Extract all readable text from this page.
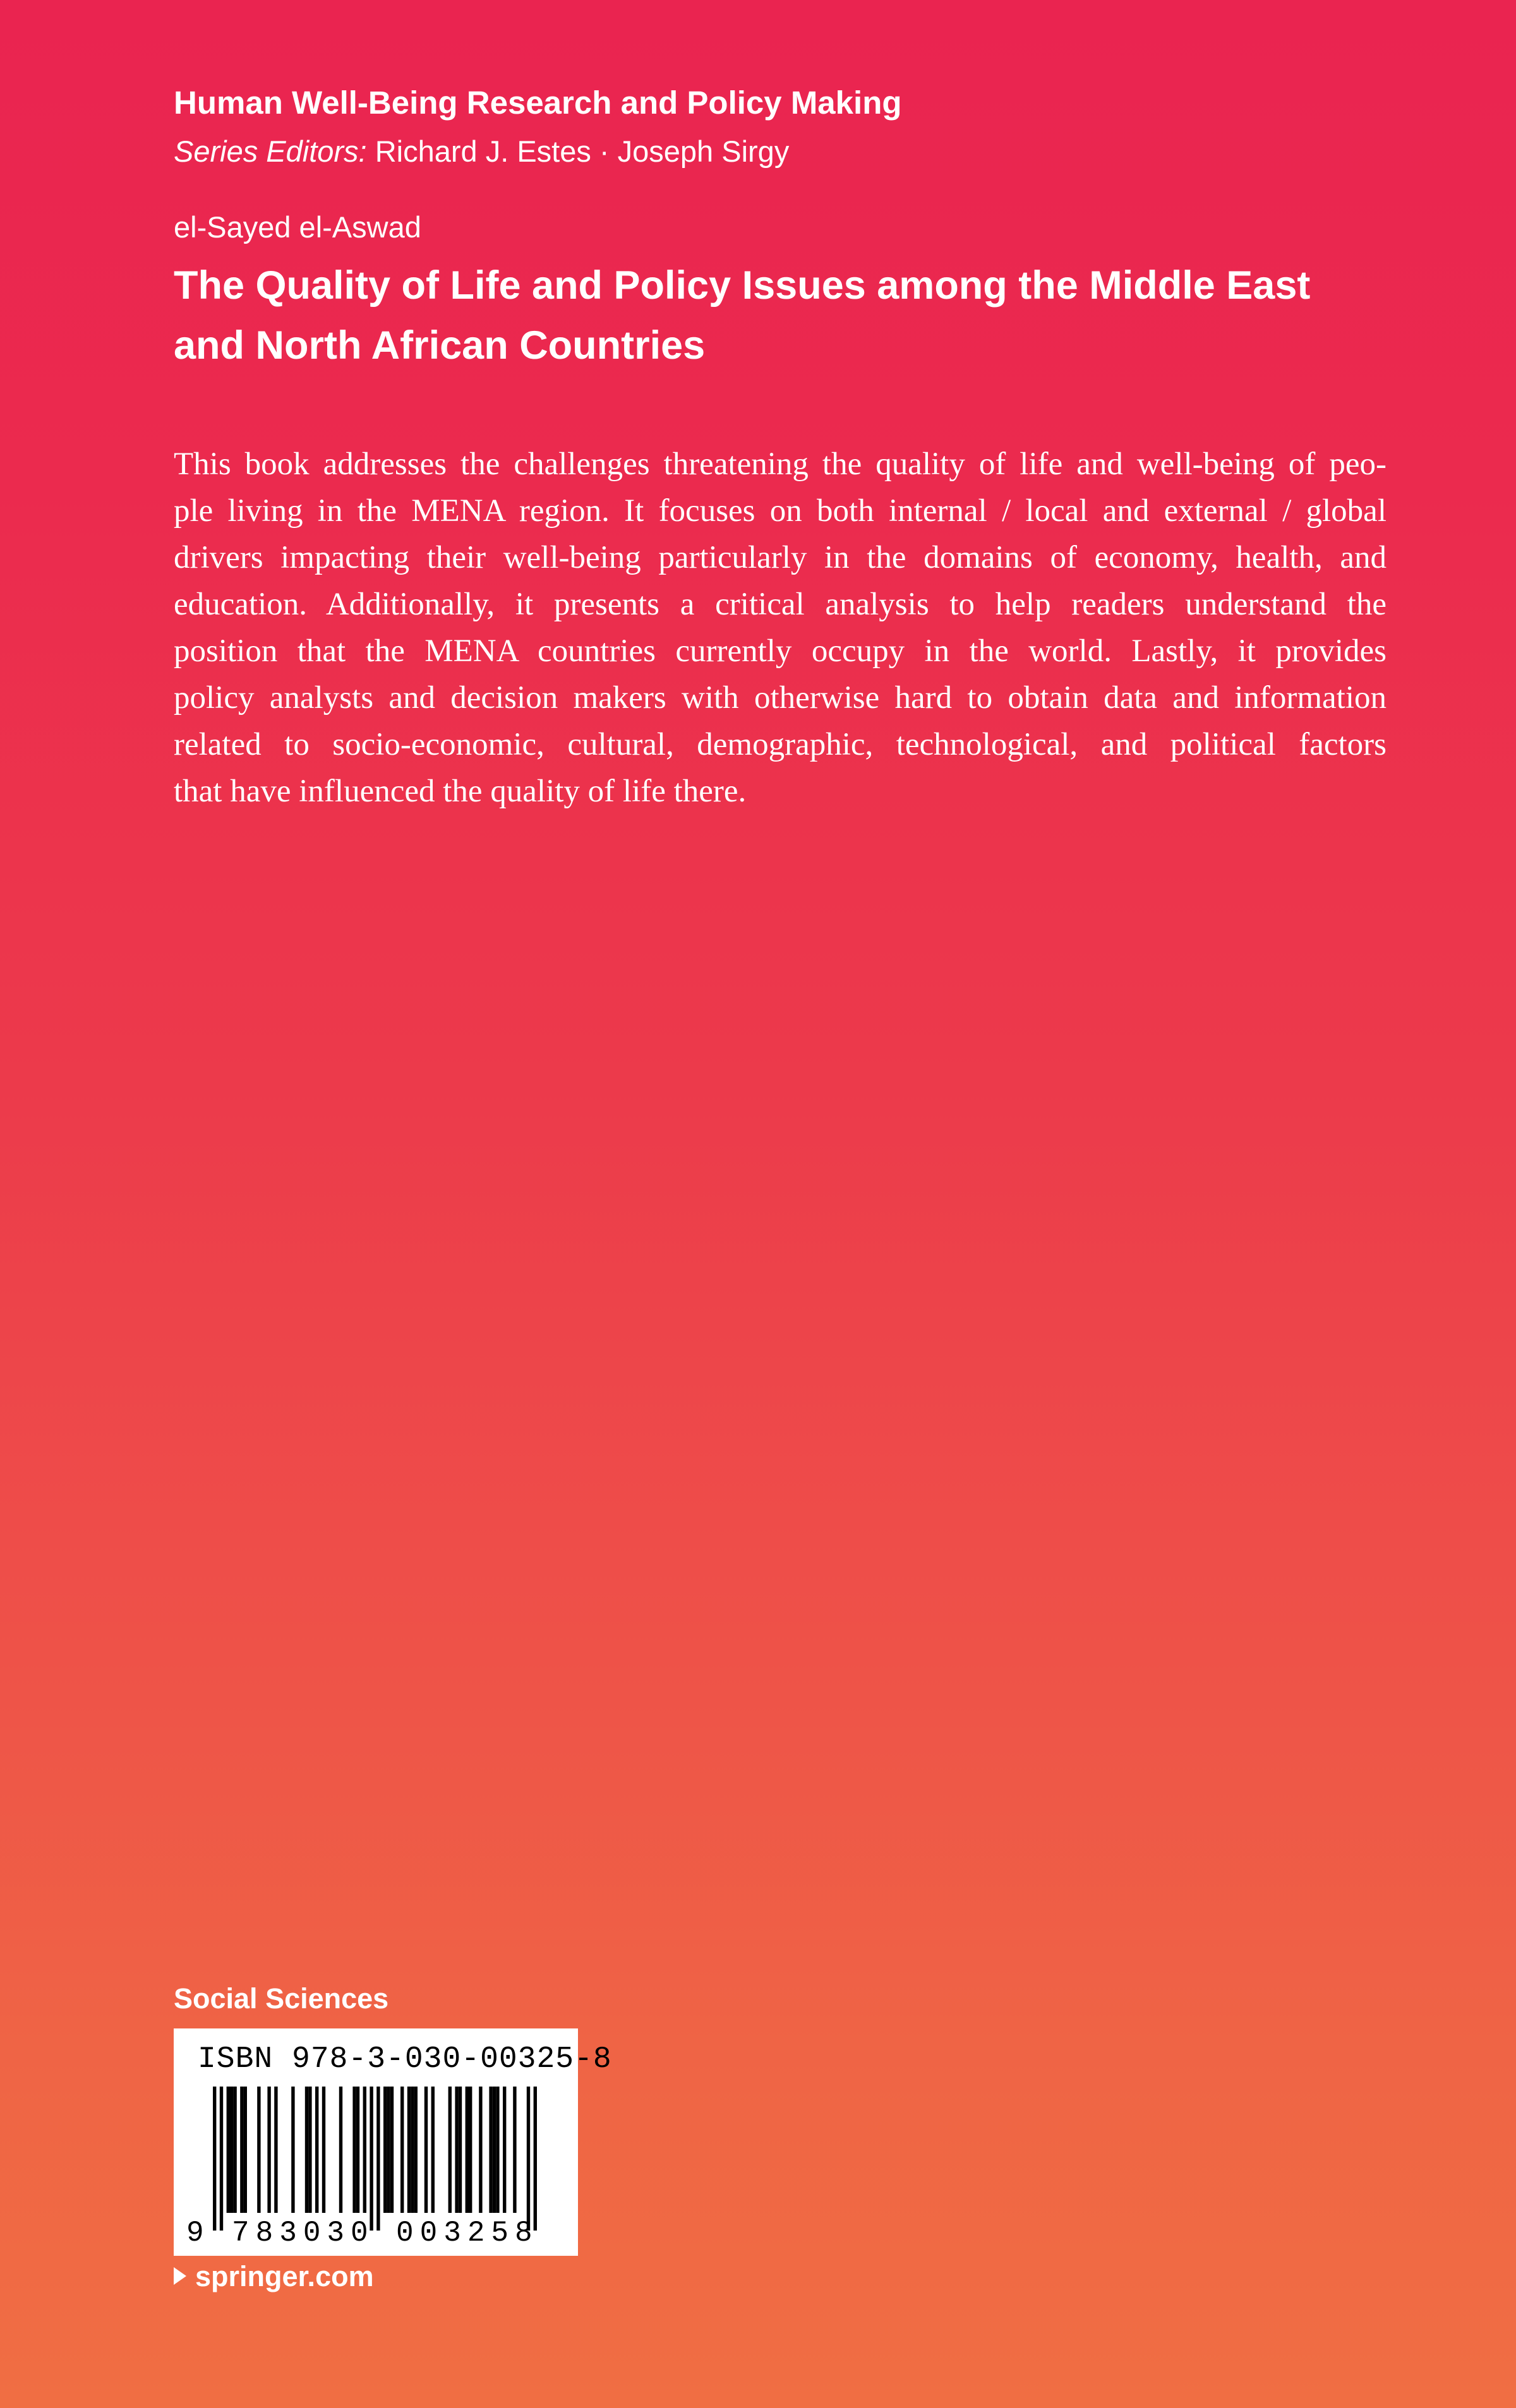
Human Well-Being Research and Policy Making
Series Editors: Richard J. Estes · Joseph Sirgy
el-Sayed el-Aswad
The Quality of Life and Policy Issues among the Middle East
and North African Countries
This book addresses the challenges threatening the quality of life and well-being of peo-
ple living in the MENA region. It focuses on both internal / local and external / global
drivers impacting their well-being particularly in the domains of economy, health, and
education. Additionally, it presents a critical analysis to help readers understand the
position that the MENA countries currently occupy in the world. Lastly, it provides
policy analysts and decision makers with otherwise hard to obtain data and information
related to socio-economic, cultural, demographic, technological, and political factors
that have influenced the quality of life there.
Social Sciences
ISBN 978-3-030-00325-8
9 783030 003258
springer.com
